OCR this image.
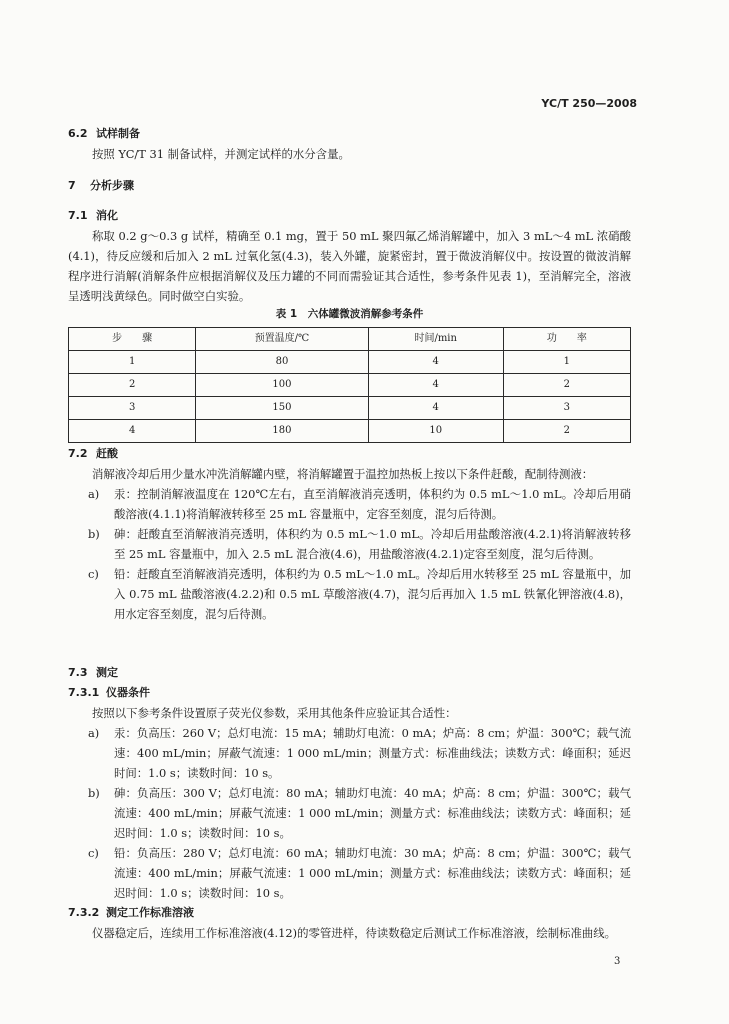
YC/T 250—2008
6.2 试样制备
按照 YC/T 31 制备试样，并测定试样的水分含量。
7 分析步骤
7.1 消化
称取 0.2 g～0.3 g 试样，精确至 0.1 mg，置于 50 mL 聚四氟乙烯消解罐中，加入 3 mL～4 mL 浓硝酸(4.1)，待反应缓和后加入 2 mL 过氧化氢(4.3)，装入外罐，旋紧密封，置于微波消解仪中。按设置的微波消解程序进行消解(消解条件应根据消解仪及压力罐的不同而需验证其合适性，参考条件见表 1)，至消解完全，溶液呈透明浅黄绿色。同时做空白实验。
表 1　六体罐微波消解参考条件
步　　骤	预置温度/℃	时间/min	功　　率
1	80	4	1
2	100	4	2
3	150	4	3
4	180	10	2
7.2 赶酸
消解液冷却后用少量水冲洗消解罐内壁，将消解罐置于温控加热板上按以下条件赶酸，配制待测液：
a)	汞：控制消解液温度在 120℃左右，直至消解液消亮透明，体积约为 0.5 mL～1.0 mL。冷却后用硝酸溶液(4.1.1)将消解液转移至 25 mL 容量瓶中，定容至刻度，混匀后待测。
b)	砷：赶酸直至消解液消亮透明，体积约为 0.5 mL～1.0 mL。冷却后用盐酸溶液(4.2.1)将消解液转移至 25 mL 容量瓶中，加入 2.5 mL 混合液(4.6)，用盐酸溶液(4.2.1)定容至刻度，混匀后待测。
c)	铅：赶酸直至消解液消亮透明，体积约为 0.5 mL～1.0 mL。冷却后用水转移至 25 mL 容量瓶中，加入 0.75 mL 盐酸溶液(4.2.2)和 0.5 mL 草酸溶液(4.7)，混匀后再加入 1.5 mL 铁氰化钾溶液(4.8)，用水定容至刻度，混匀后待测。
7.3 测定
7.3.1 仪器条件
按照以下参考条件设置原子荧光仪参数，采用其他条件应验证其合适性：
a)	汞：负高压：260 V；总灯电流：15 mA；辅助灯电流：0 mA；炉高：8 cm；炉温：300℃；载气流速：400 mL/min；屏蔽气流速：1 000 mL/min；测量方式：标准曲线法；读数方式：峰面积；延迟时间：1.0 s；读数时间：10 s。
b)	砷：负高压：300 V；总灯电流：80 mA；辅助灯电流：40 mA；炉高：8 cm；炉温：300℃；载气流速：400 mL/min；屏蔽气流速：1 000 mL/min；测量方式：标准曲线法；读数方式：峰面积；延迟时间：1.0 s；读数时间：10 s。
c)	铅：负高压：280 V；总灯电流：60 mA；辅助灯电流：30 mA；炉高：8 cm；炉温：300℃；载气流速：400 mL/min；屏蔽气流速：1 000 mL/min；测量方式：标准曲线法；读数方式：峰面积；延迟时间：1.0 s；读数时间：10 s。
7.3.2 测定工作标准溶液
仪器稳定后，连续用工作标准溶液(4.12)的零管进样，待读数稳定后测试工作标准溶液，绘制标准曲线。
3
